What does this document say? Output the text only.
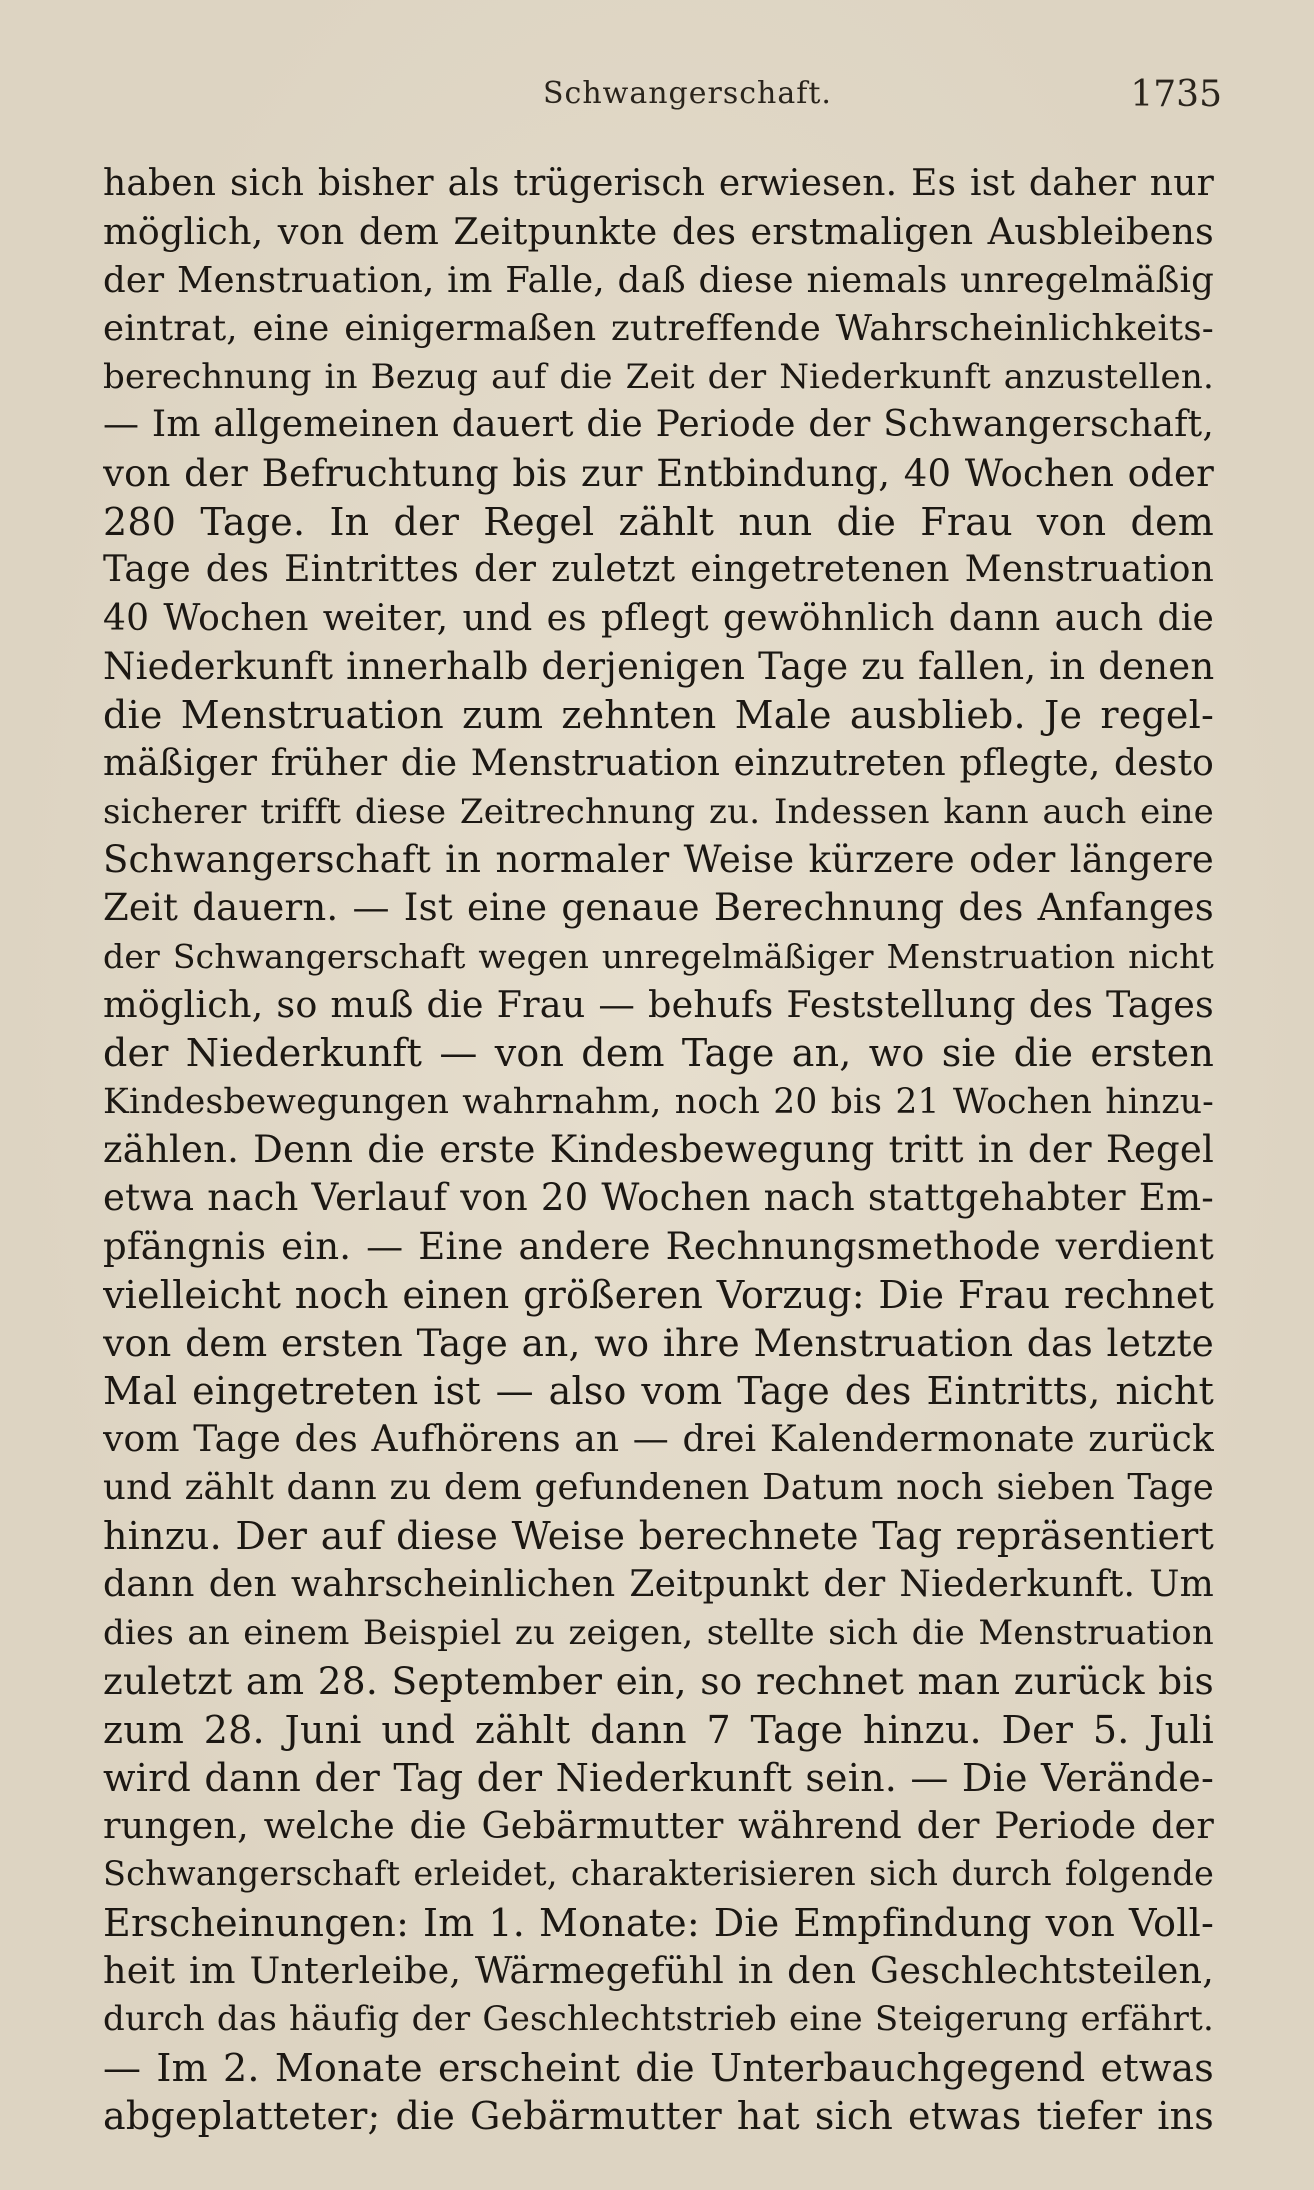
Schwangerschaft.	1735
haben sich bisher als trügerisch erwiesen. Es ist daher nur
möglich, von dem Zeitpunkte des erstmaligen Ausbleibens
der Menstruation, im Falle, daß diese niemals unregelmäßig
eintrat, eine einigermaßen zutreffende Wahrscheinlichkeits-
berechnung in Bezug auf die Zeit der Niederkunft anzustellen.
— Im allgemeinen dauert die Periode der Schwangerschaft,
von der Befruchtung bis zur Entbindung, 40 Wochen oder
280 Tage. In der Regel zählt nun die Frau von dem
Tage des Eintrittes der zuletzt eingetretenen Menstruation
40 Wochen weiter, und es pflegt gewöhnlich dann auch die
Niederkunft innerhalb derjenigen Tage zu fallen, in denen
die Menstruation zum zehnten Male ausblieb. Je regel-
mäßiger früher die Menstruation einzutreten pflegte, desto
sicherer trifft diese Zeitrechnung zu. Indessen kann auch eine
Schwangerschaft in normaler Weise kürzere oder längere
Zeit dauern. — Ist eine genaue Berechnung des Anfanges
der Schwangerschaft wegen unregelmäßiger Menstruation nicht
möglich, so muß die Frau — behufs Feststellung des Tages
der Niederkunft — von dem Tage an, wo sie die ersten
Kindesbewegungen wahrnahm, noch 20 bis 21 Wochen hinzu-
zählen. Denn die erste Kindesbewegung tritt in der Regel
etwa nach Verlauf von 20 Wochen nach stattgehabter Em-
pfängnis ein. — Eine andere Rechnungsmethode verdient
vielleicht noch einen größeren Vorzug: Die Frau rechnet
von dem ersten Tage an, wo ihre Menstruation das letzte
Mal eingetreten ist — also vom Tage des Eintritts, nicht
vom Tage des Aufhörens an — drei Kalendermonate zurück
und zählt dann zu dem gefundenen Datum noch sieben Tage
hinzu. Der auf diese Weise berechnete Tag repräsentiert
dann den wahrscheinlichen Zeitpunkt der Niederkunft. Um
dies an einem Beispiel zu zeigen, stellte sich die Menstruation
zuletzt am 28. September ein, so rechnet man zurück bis
zum 28. Juni und zählt dann 7 Tage hinzu. Der 5. Juli
wird dann der Tag der Niederkunft sein. — Die Verände-
rungen, welche die Gebärmutter während der Periode der
Schwangerschaft erleidet, charakterisieren sich durch folgende
Erscheinungen: Im 1. Monate: Die Empfindung von Voll-
heit im Unterleibe, Wärmegefühl in den Geschlechtsteilen,
durch das häufig der Geschlechtstrieb eine Steigerung erfährt.
— Im 2. Monate erscheint die Unterbauchgegend etwas
abgeplatteter; die Gebärmutter hat sich etwas tiefer ins
